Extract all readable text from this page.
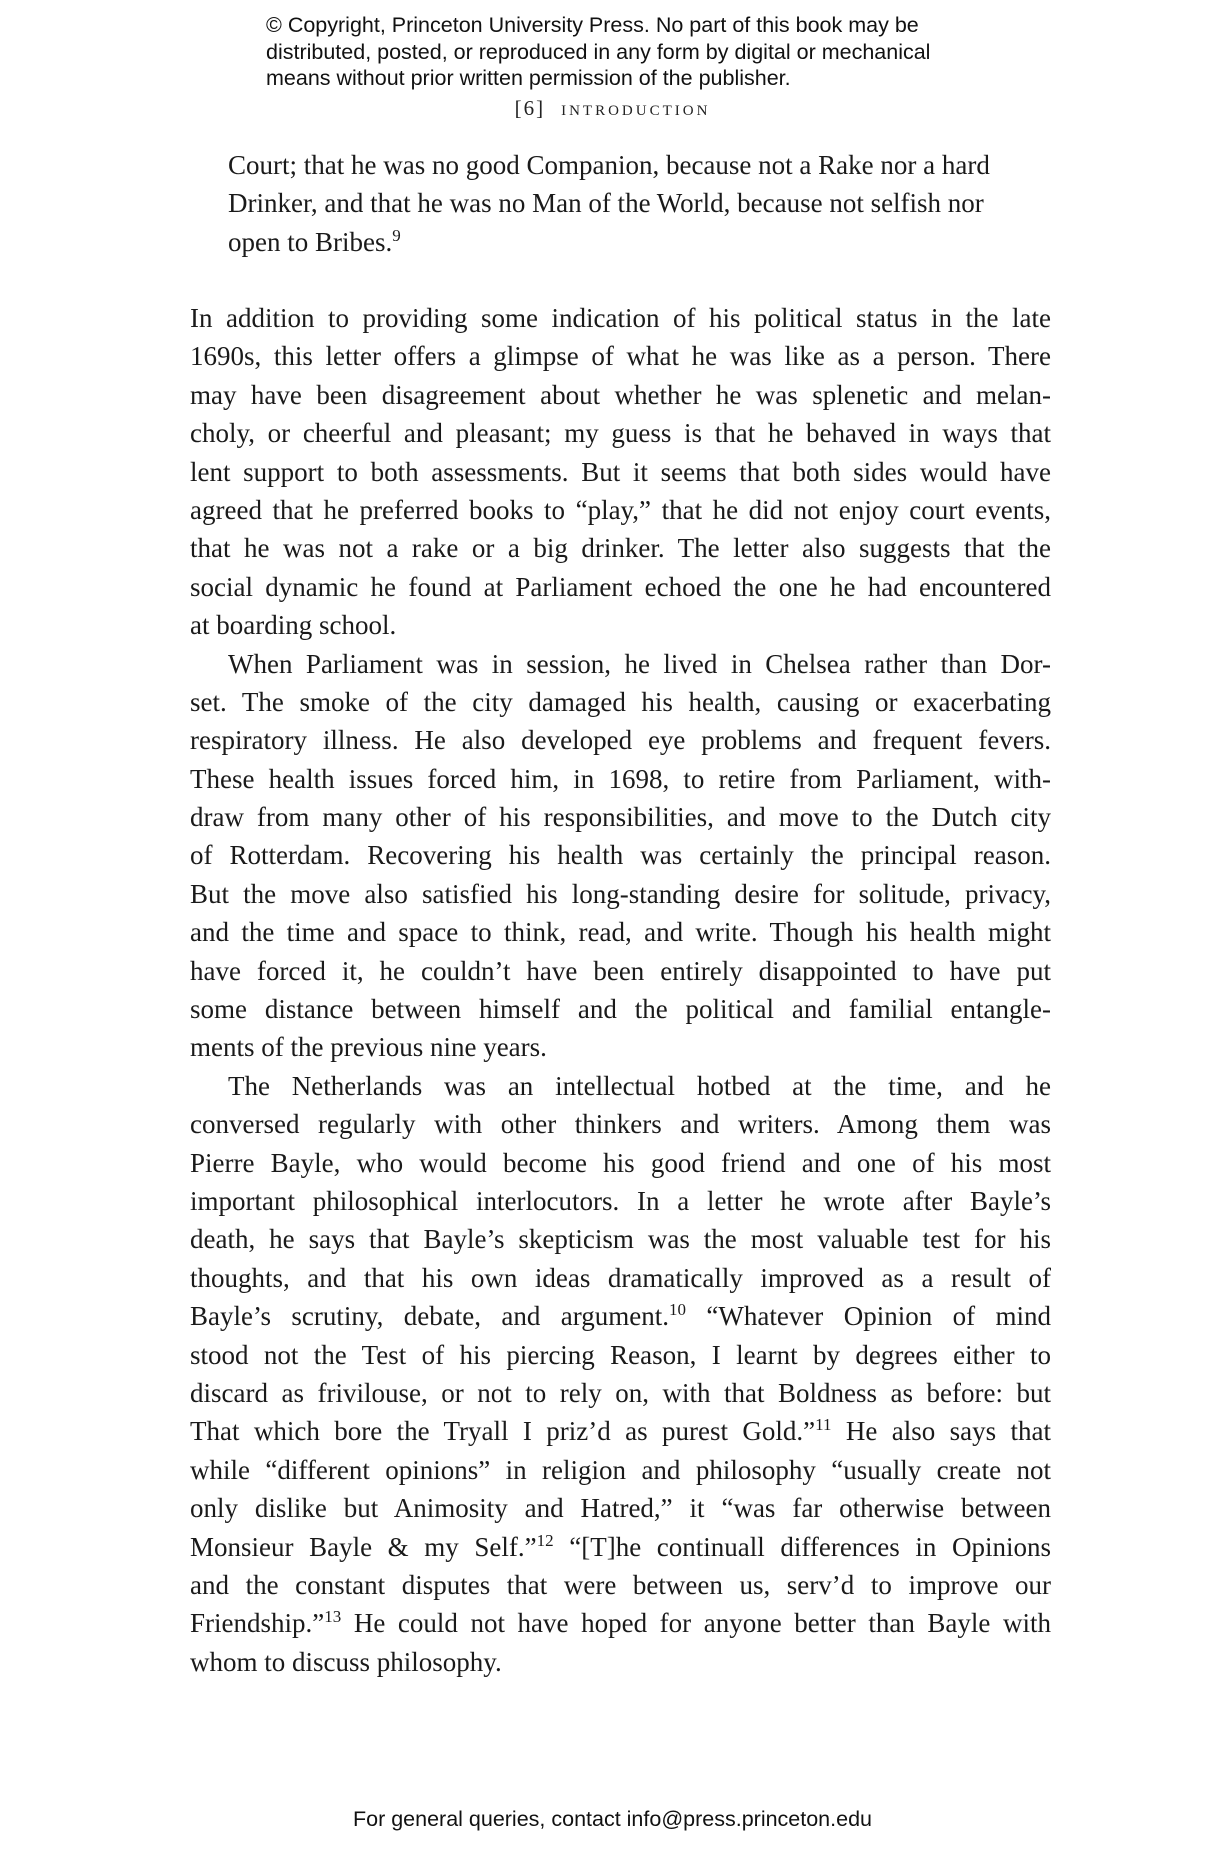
© Copyright, Princeton University Press. No part of this book may be
distributed, posted, or reproduced in any form by digital or mechanical
means without prior written permission of the publisher.
[6] introduction
Court; that he was no good Companion, because not a Rake nor a hard
Drinker, and that he was no Man of the World, because not selfish nor
open to Bribes.$^9$
In addition to providing some indication of his political status in the late
1690s, this letter offers a glimpse of what he was like as a person. There
may have been disagreement about whether he was splenetic and melan-
choly, or cheerful and pleasant; my guess is that he behaved in ways that
lent support to both assessments. But it seems that both sides would have
agreed that he preferred books to “play,” that he did not enjoy court events,
that he was not a rake or a big drinker. The letter also suggests that the
social dynamic he found at Parliament echoed the one he had encountered
at boarding school.
When Parliament was in session, he lived in Chelsea rather than Dor-
set. The smoke of the city damaged his health, causing or exacerbating
respiratory illness. He also developed eye problems and frequent fevers.
These health issues forced him, in 1698, to retire from Parliament, with-
draw from many other of his responsibilities, and move to the Dutch city
of Rotterdam. Recovering his health was certainly the principal reason.
But the move also satisfied his long-standing desire for solitude, privacy,
and the time and space to think, read, and write. Though his health might
have forced it, he couldn’t have been entirely disappointed to have put
some distance between himself and the political and familial entangle-
ments of the previous nine years.
The Netherlands was an intellectual hotbed at the time, and he
conversed regularly with other thinkers and writers. Among them was
Pierre Bayle, who would become his good friend and one of his most
important philosophical interlocutors. In a letter he wrote after Bayle’s
death, he says that Bayle’s skepticism was the most valuable test for his
thoughts, and that his own ideas dramatically improved as a result of
Bayle’s scrutiny, debate, and argument.$^{10}$ “Whatever Opinion of mind
stood not the Test of his piercing Reason, I learnt by degrees either to
discard as frivilouse, or not to rely on, with that Boldness as before: but
That which bore the Tryall I priz’d as purest Gold.”$^{11}$ He also says that
while “different opinions” in religion and philosophy “usually create not
only dislike but Animosity and Hatred,” it “was far otherwise between
Monsieur Bayle & my Self.”$^{12}$ “[T]he continuall differences in Opinions
and the constant disputes that were between us, serv’d to improve our
Friendship.”$^{13}$ He could not have hoped for anyone better than Bayle with
whom to discuss philosophy.
For general queries, contact info@press.princeton.edu
